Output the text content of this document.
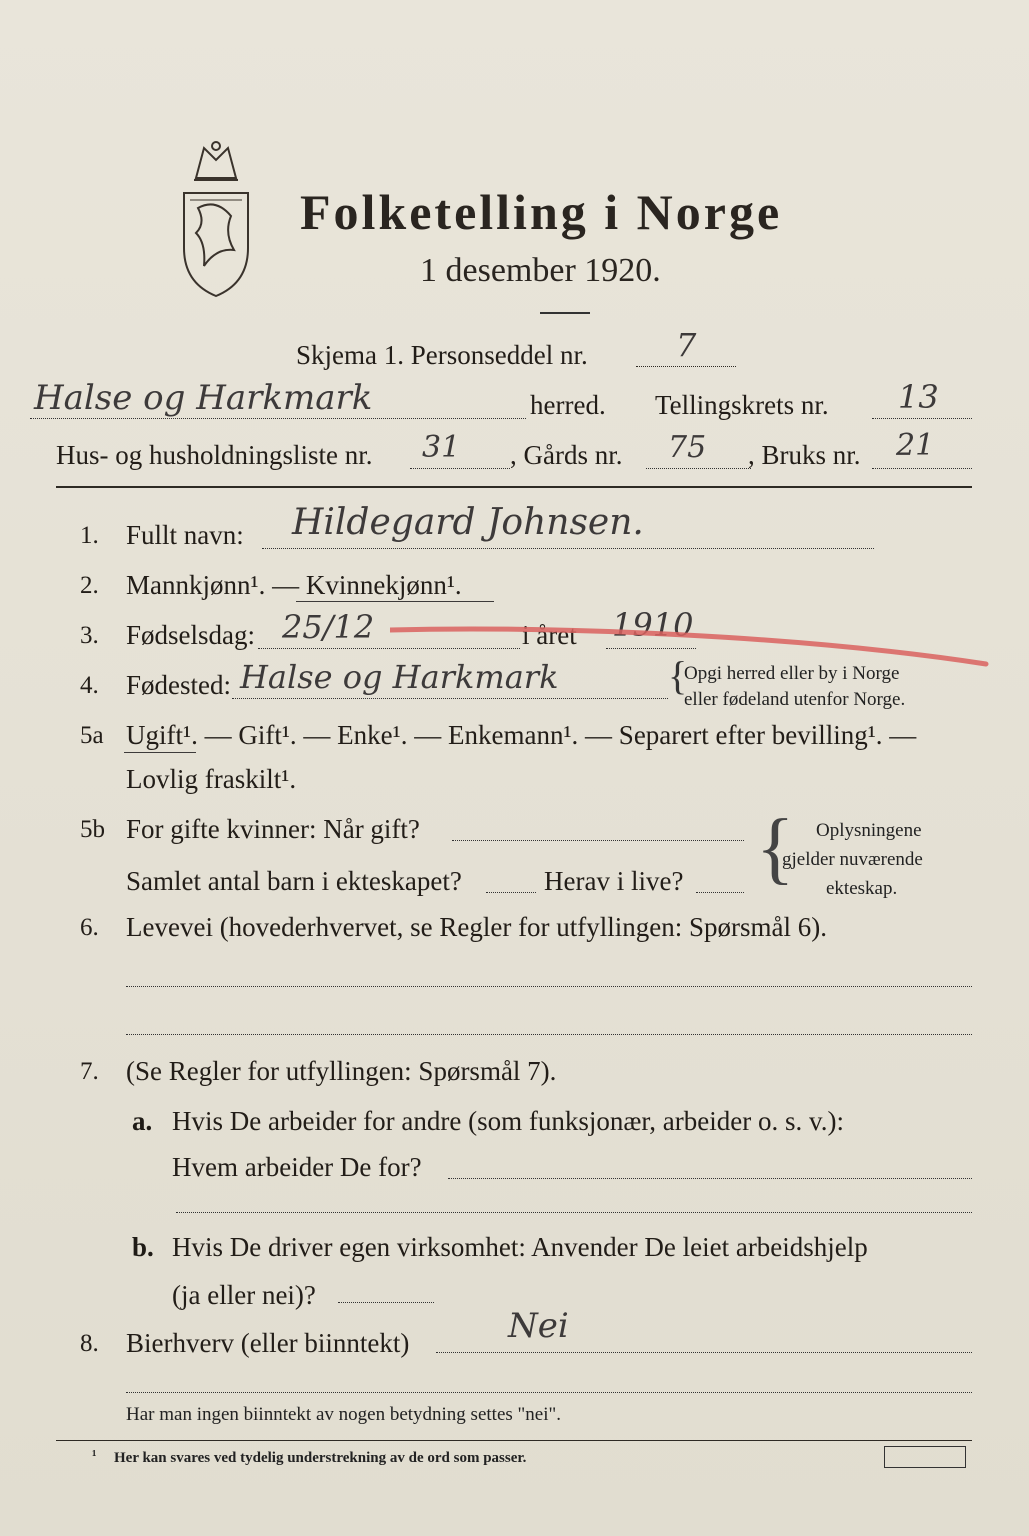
Folketelling i Norge
1 desember 1920.
Skjema 1. Personseddel nr.	7
Halse og Harkmark	herred. Tellingskrets nr. 13
Hus- og husholdningsliste nr. 31 , Gårds nr. 75 , Bruks nr. 21
1. Fullt navn: Hildegard Johnsen.
2. Mannkjønn¹. — Kvinnekjønn¹.
3. Fødselsdag: 25/12	i året 1910
4. Fødested: Halse og Harkmark	{
Opgi herred eller by i Norge
eller fødeland utenfor Norge.
5a Ugift¹. — Gift¹. — Enke¹. — Enkemann¹. — Separert efter bevilling¹. —
Lovlig fraskilt¹.
5b For gifte kvinner: Når gift?
Samlet antal barn i ekteskapet?	Herav i live? { Oplysningene
gjelder nuværende
ekteskap.
6. Levevei (hovederhvervet, se Regler for utfyllingen: Spørsmål 6).
7. (Se Regler for utfyllingen: Spørsmål 7).
a. Hvis De arbeider for andre (som funksjonær, arbeider o. s. v.):
Hvem arbeider De for?
b. Hvis De driver egen virksomhet: Anvender De leiet arbeidshjelp
(ja eller nei)?
8. Bierhverv (eller biinntekt)	Nei
Har man ingen biinntekt av nogen betydning settes "nei".
¹ Her kan svares ved tydelig understrekning av de ord som passer.
